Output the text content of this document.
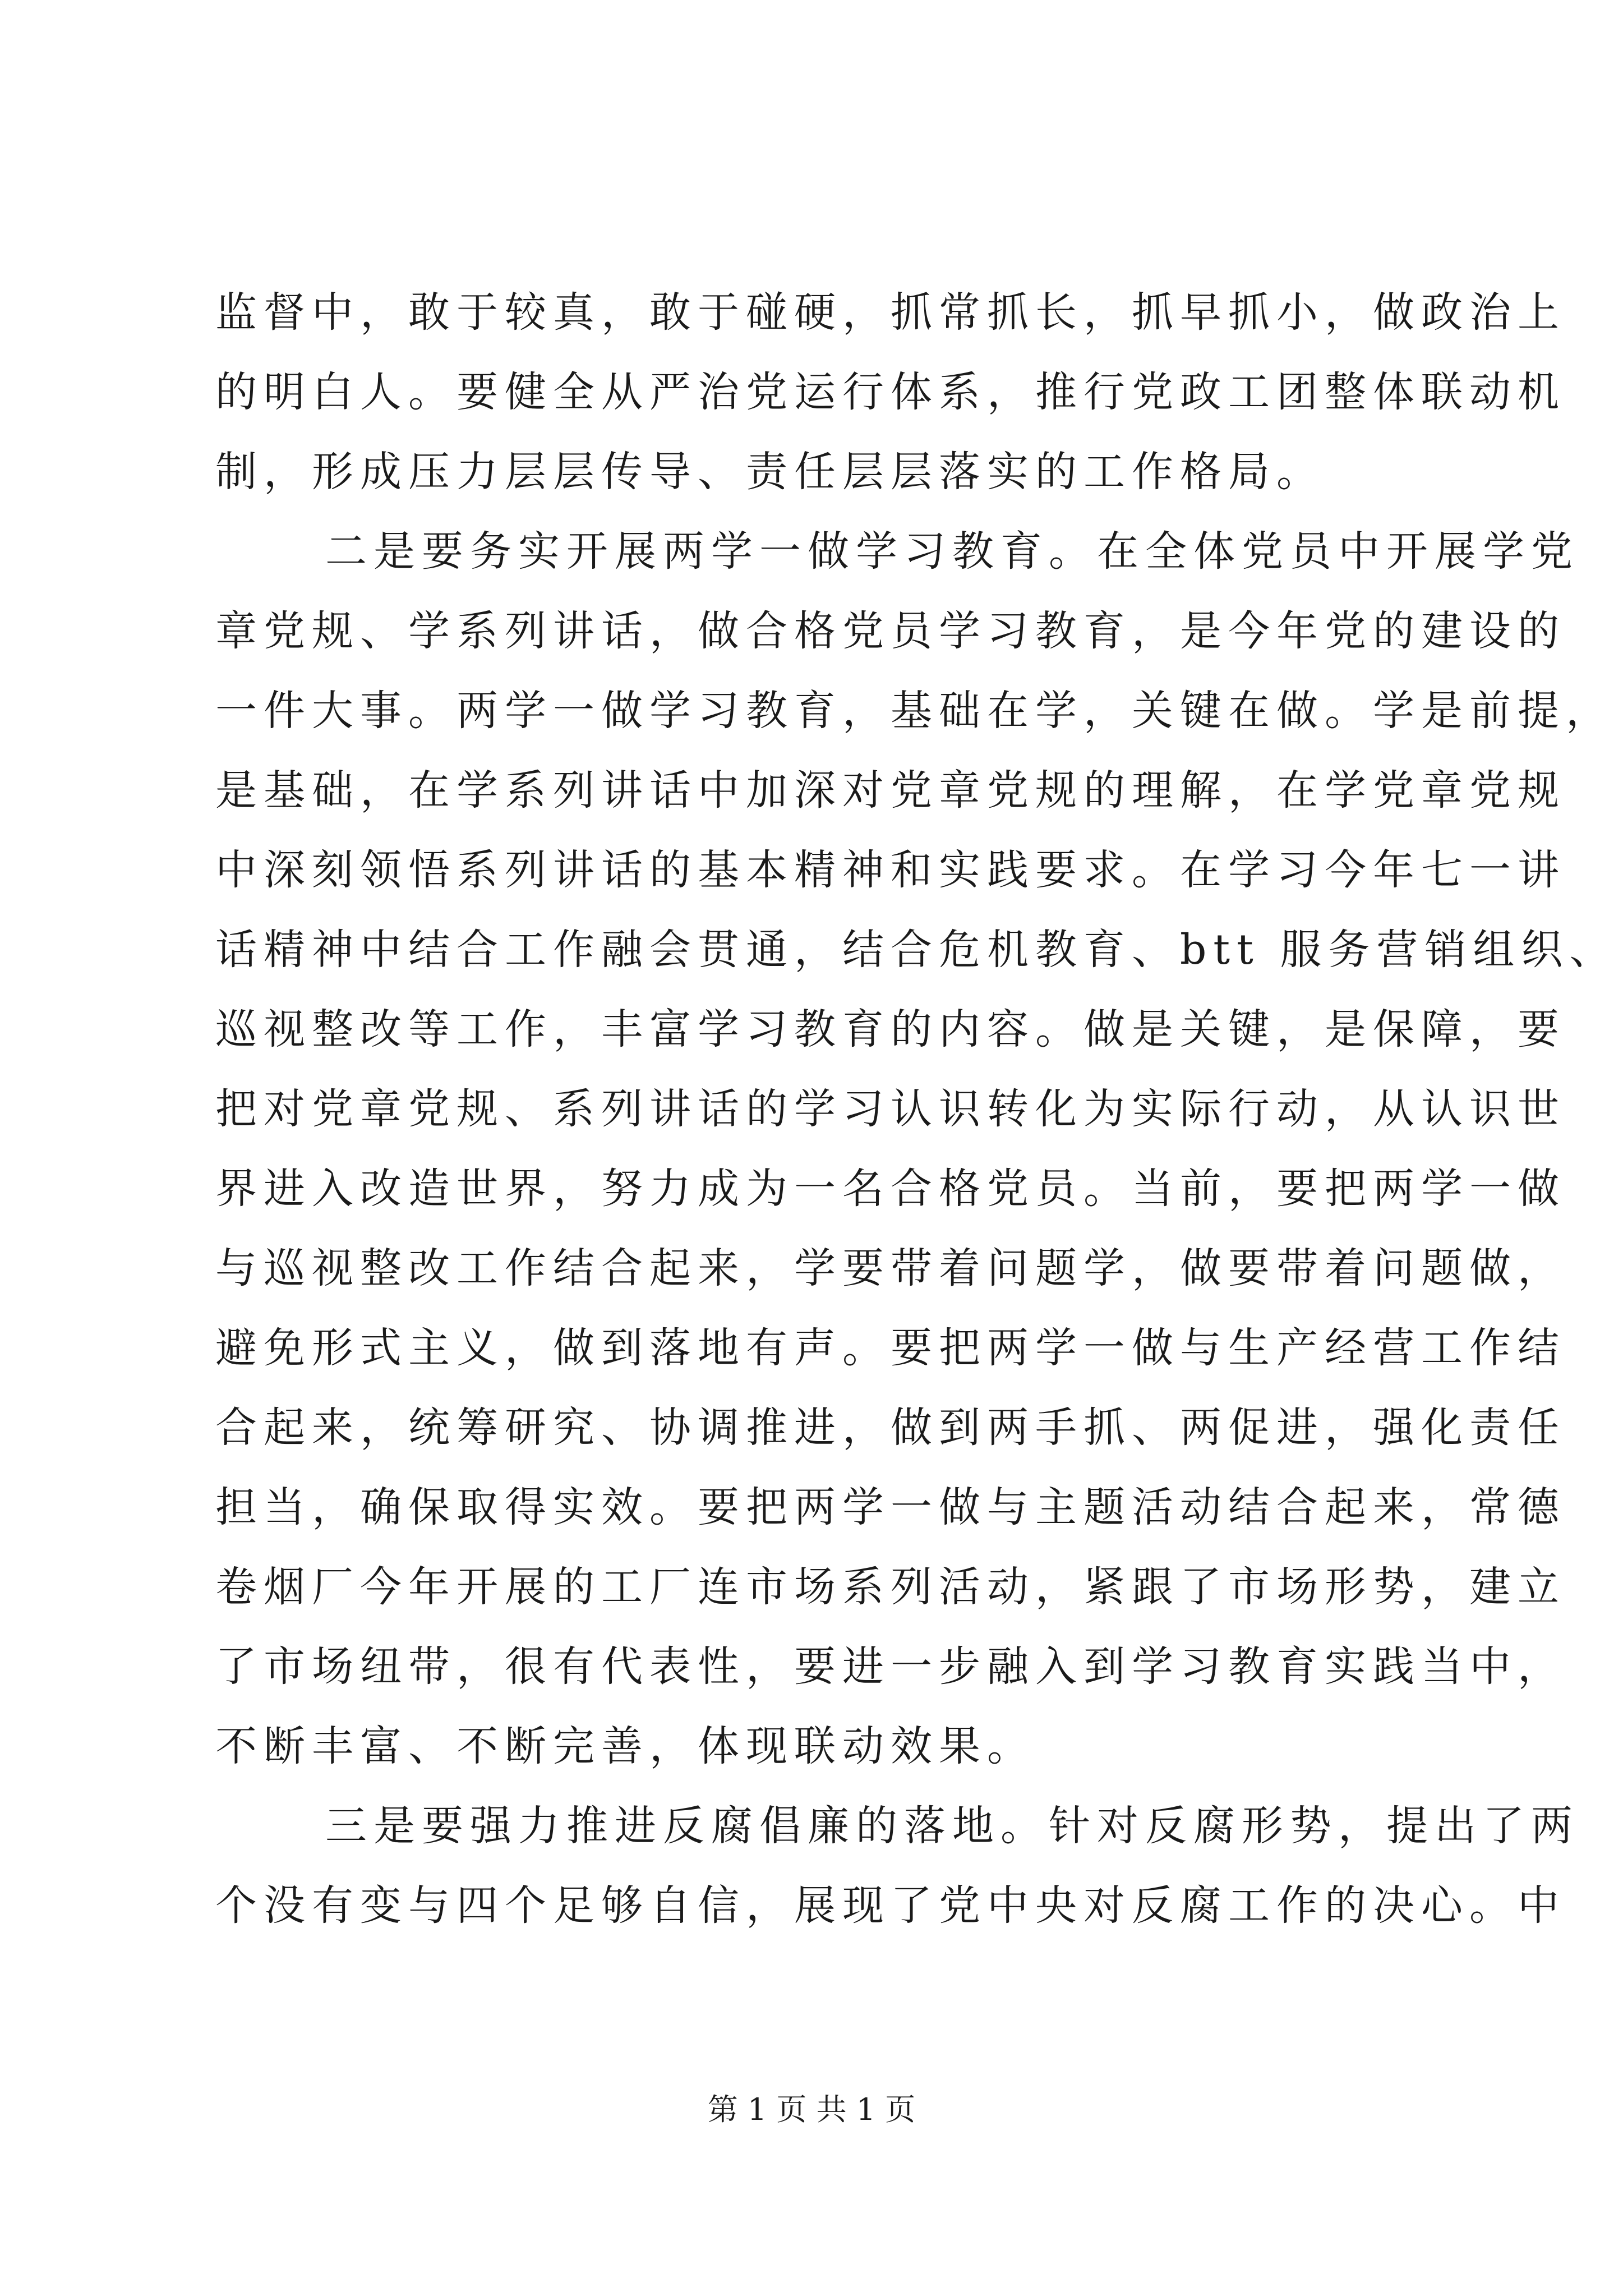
监督中，敢于较真，敢于碰硬，抓常抓长，抓早抓小，做政治上
的明白人。要健全从严治党运行体系，推行党政工团整体联动机
制，形成压力层层传导、责任层层落实的工作格局。
二是要务实开展两学一做学习教育。在全体党员中开展学党
章党规、学系列讲话，做合格党员学习教育，是今年党的建设的
一件大事。两学一做学习教育，基础在学，关键在做。学是前提，
是基础，在学系列讲话中加深对党章党规的理解，在学党章党规
中深刻领悟系列讲话的基本精神和实践要求。在学习今年七一讲
话精神中结合工作融会贯通，结合危机教育、btt 服务营销组织、
巡视整改等工作，丰富学习教育的内容。做是关键，是保障，要
把对党章党规、系列讲话的学习认识转化为实际行动，从认识世
界进入改造世界，努力成为一名合格党员。当前，要把两学一做
与巡视整改工作结合起来，学要带着问题学，做要带着问题做，
避免形式主义，做到落地有声。要把两学一做与生产经营工作结
合起来，统筹研究、协调推进，做到两手抓、两促进，强化责任
担当，确保取得实效。要把两学一做与主题活动结合起来，常德
卷烟厂今年开展的工厂连市场系列活动，紧跟了市场形势，建立
了市场纽带，很有代表性，要进一步融入到学习教育实践当中，
不断丰富、不断完善，体现联动效果。
三是要强力推进反腐倡廉的落地。针对反腐形势，提出了两
个没有变与四个足够自信，展现了党中央对反腐工作的决心。中
第 1 页 共 1 页
